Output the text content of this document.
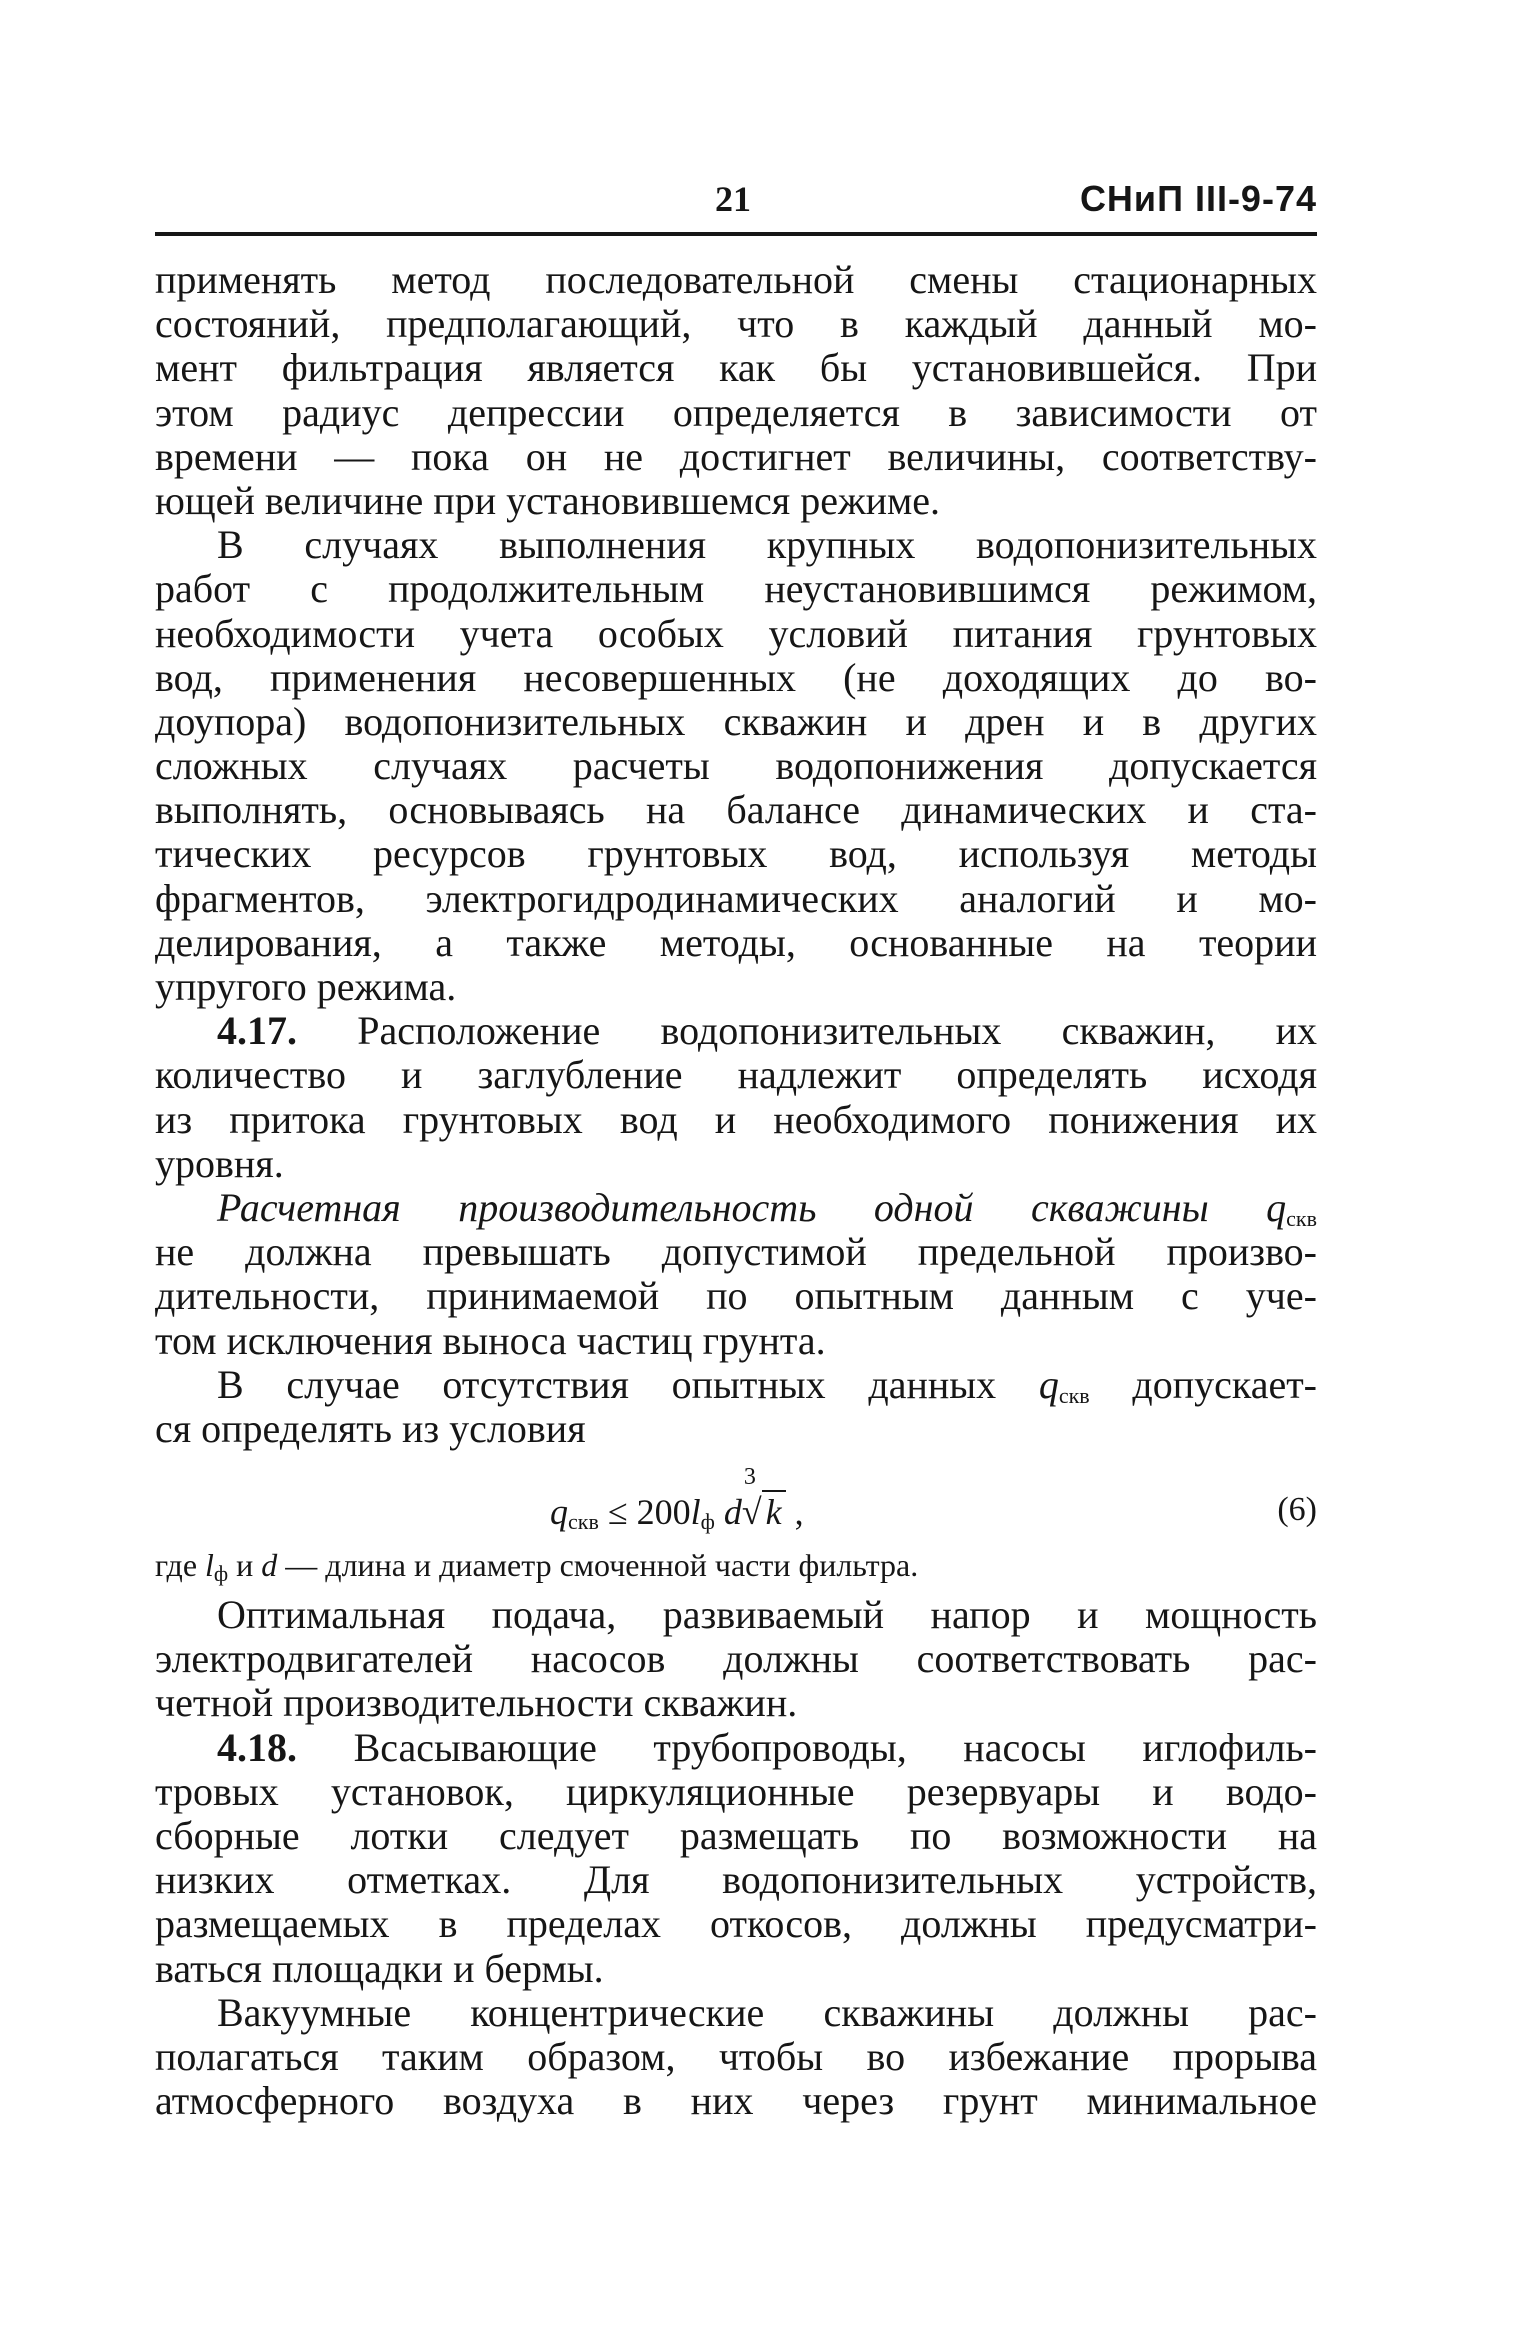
21	СНиП III-9-74
применять метод последовательной смены стационарных
состояний, предполагающий, что в каждый данный мо-
мент фильтрация является как бы установившейся. При
этом радиус депрессии определяется в зависимости от
времени — пока он не достигнет величины, соответству-
ющей величине при установившемся режиме.
В случаях выполнения крупных водопонизительных
работ с продолжительным неустановившимся режимом,
необходимости учета особых условий питания грунтовых
вод, применения несовершенных (не доходящих до во-
доупора) водопонизительных скважин и дрен и в других
сложных случаях расчеты водопонижения допускается
выполнять, основываясь на балансе динамических и ста-
тических ресурсов грунтовых вод, используя методы
фрагментов, электрогидродинамических аналогий и мо-
делирования, а также методы, основанные на теории
упругого режима.
4.17. Расположение водопонизительных скважин, их
количество и заглубление надлежит определять исходя
из притока грунтовых вод и необходимого понижения их
уровня.
Расчетная производительность одной скважины $q_{скв}$
не должна превышать допустимой предельной произво-
дительности, принимаемой по опытным данным с уче-
том исключения выноса частиц грунта.
В случае отсутствия опытных данных $q_{скв}$ допускает-
ся определять из условия
$q_{скв} \le 200l_ф$ d
3
√ k ,	(6)
где $l_ф$ и d — длина и диаметр смоченной части фильтра.
Оптимальная подача, развиваемый напор и мощность
электродвигателей насосов должны соответствовать рас-
четной производительности скважин.
4.18. Всасывающие трубопроводы, насосы иглофиль-
тровых установок, циркуляционные резервуары и водо-
сборные лотки следует размещать по возможности на
низких отметках. Для водопонизительных устройств,
размещаемых в пределах откосов, должны предусматри-
ваться площадки и бермы.
Вакуумные концентрические скважины должны рас-
полагаться таким образом, чтобы во избежание прорыва
атмосферного воздуха в них через грунт минимальное
